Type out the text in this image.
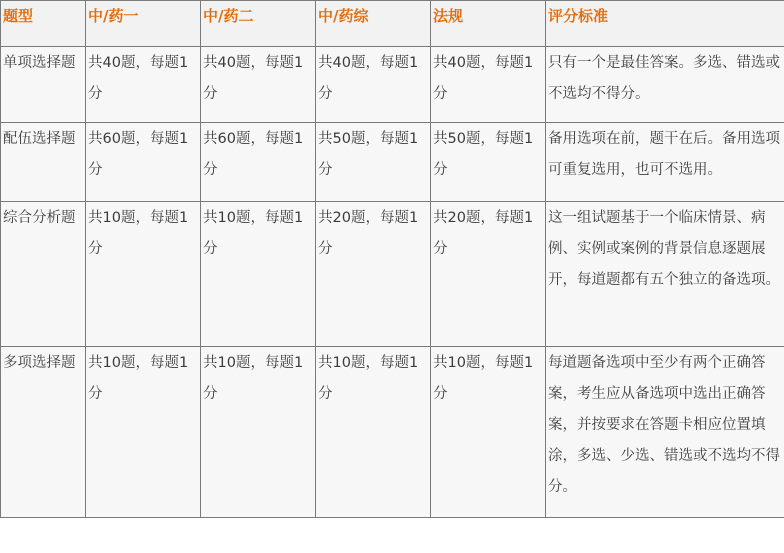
题型	中/药一	中/药二	中/药综	法规	评分标准
单项选择题	共40题，每题1分	共40题，每题1分	共40题，每题1分	共40题，每题1分	只有一个是最佳答案。多选、错选或不选均不得分。
配伍选择题	共60题，每题1分	共60题，每题1分	共50题，每题1分	共50题，每题1分	备用选项在前，题干在后。备用选项可重复选用，也可不选用。
综合分析题	共10题，每题1分	共10题，每题1分	共20题，每题1分	共20题，每题1分	这一组试题基于一个临床情景、病例、实例或案例的背景信息逐题展开，每道题都有五个独立的备选项。
多项选择题	共10题，每题1分	共10题，每题1分	共10题，每题1分	共10题，每题1分	每道题备选项中至少有两个正确答案，考生应从备选项中选出正确答案，并按要求在答题卡相应位置填涂，多选、少选、错选或不选均不得分。
